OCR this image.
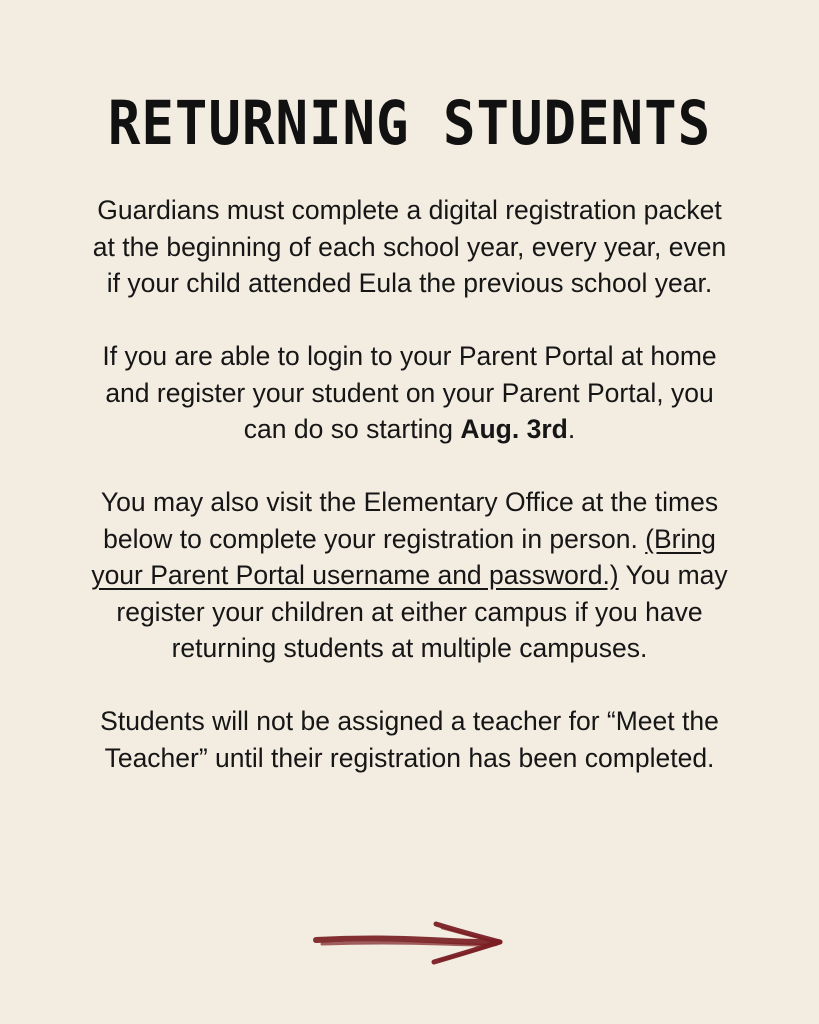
RETURNING STUDENTS

Guardians must complete a digital registration packet at the beginning of each school year, every year, even if your child attended Eula the previous school year.

If you are able to login to your Parent Portal at home and register your student on your Parent Portal, you can do so starting Aug. 3rd.

You may also visit the Elementary Office at the times below to complete your registration in person. (Bring your Parent Portal username and password.) You may register your children at either campus if you have returning students at multiple campuses.

Students will not be assigned a teacher for “Meet the Teacher” until their registration has been completed.
